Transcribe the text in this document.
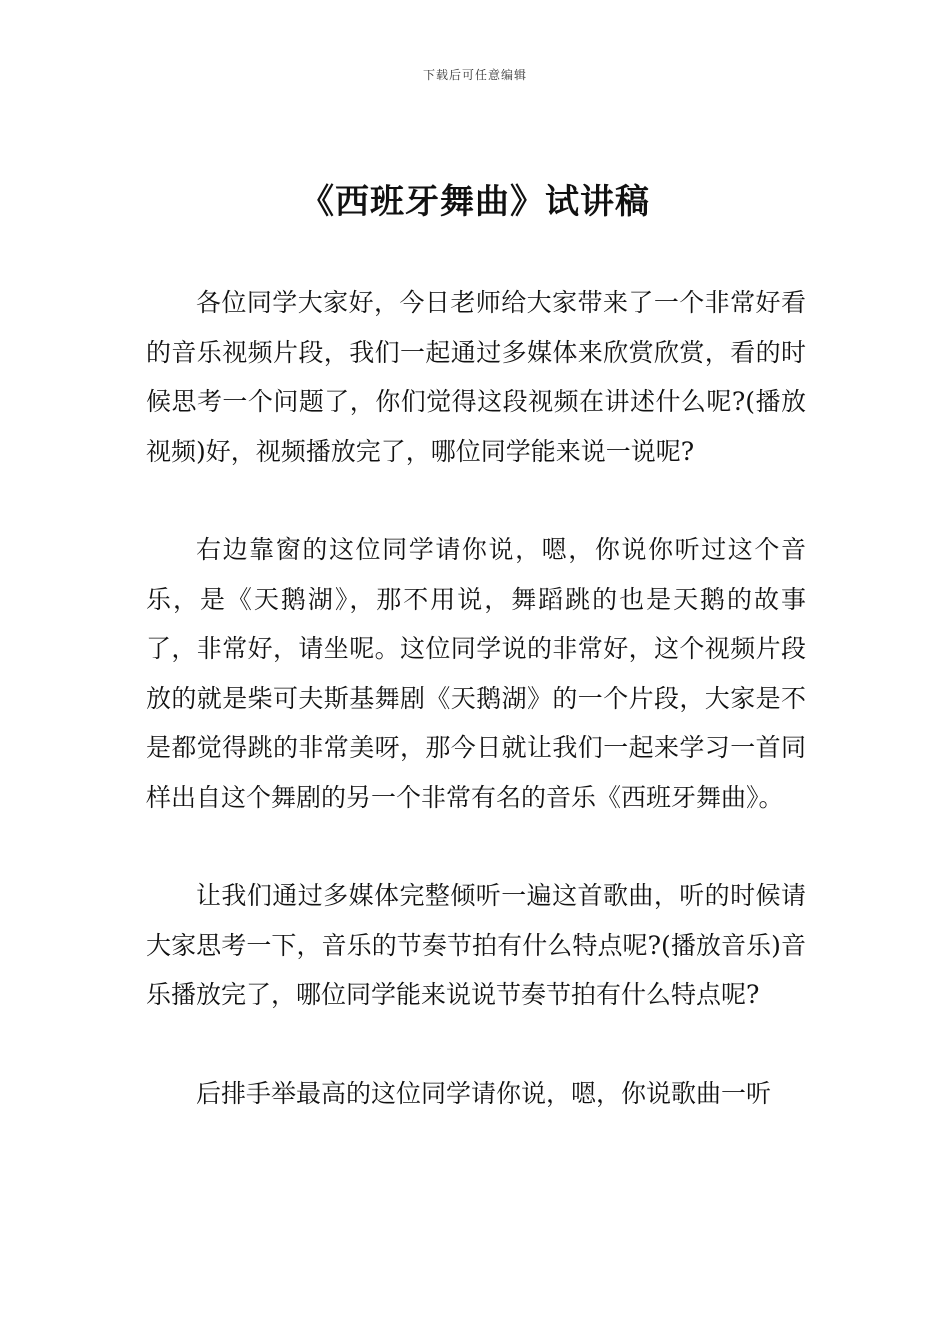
下载后可任意编辑
《西班牙舞曲》试讲稿

各位同学大家好，今日老师给大家带来了一个非常好看的音乐视频片段，我们一起通过多媒体来欣赏欣赏，看的时候思考一个问题了，你们觉得这段视频在讲述什么呢?(播放视频)好，视频播放完了，哪位同学能来说一说呢?

右边靠窗的这位同学请你说，嗯，你说你听过这个音乐，是《天鹅湖》，那不用说，舞蹈跳的也是天鹅的故事了，非常好，请坐呢。这位同学说的非常好，这个视频片段放的就是柴可夫斯基舞剧《天鹅湖》的一个片段，大家是不是都觉得跳的非常美呀，那今日就让我们一起来学习一首同样出自这个舞剧的另一个非常有名的音乐《西班牙舞曲》。

让我们通过多媒体完整倾听一遍这首歌曲，听的时候请大家思考一下，音乐的节奏节拍有什么特点呢?(播放音乐)音乐播放完了，哪位同学能来说说节奏节拍有什么特点呢?

后排手举最高的这位同学请你说，嗯，你说歌曲一听
